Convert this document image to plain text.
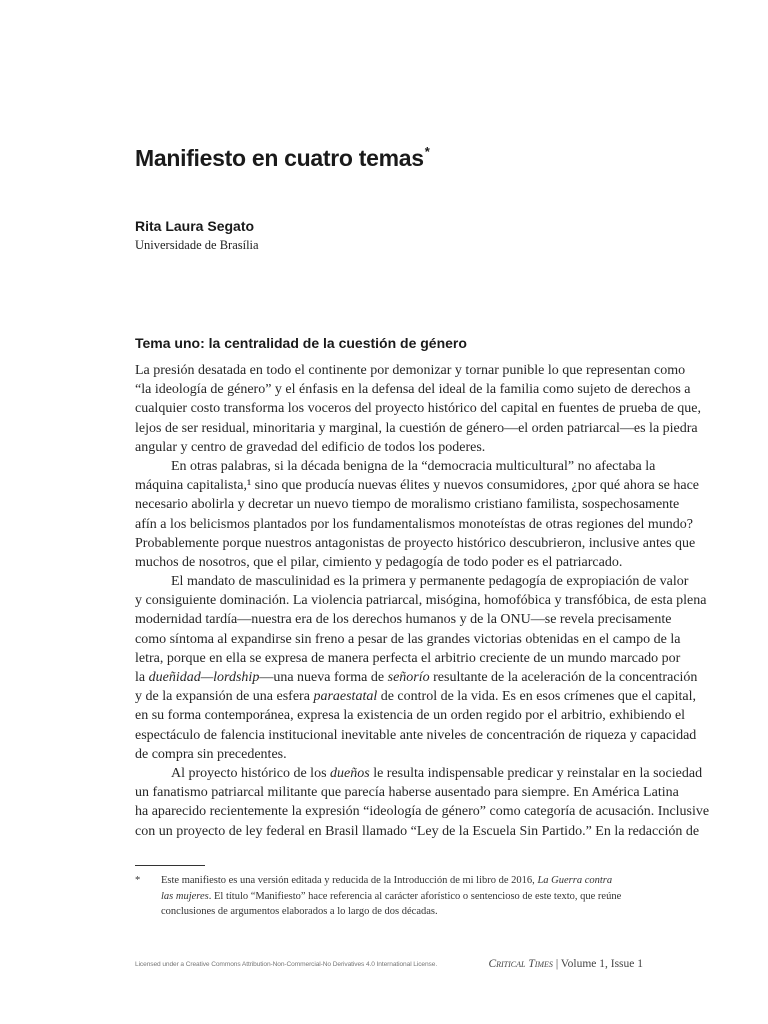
Manifiesto en cuatro temas*
Rita Laura Segato
Universidade de Brasília
Tema uno: la centralidad de la cuestión de género
La presión desatada en todo el continente por demonizar y tornar punible lo que representan como
“la ideología de género” y el énfasis en la defensa del ideal de la familia como sujeto de derechos a
cualquier costo transforma los voceros del proyecto histórico del capital en fuentes de prueba de que,
lejos de ser residual, minoritaria y marginal, la cuestión de género—el orden patriarcal—es la piedra
angular y centro de gravedad del edificio de todos los poderes.
En otras palabras, si la década benigna de la “democracia multicultural” no afectaba la
máquina capitalista,¹ sino que producía nuevas élites y nuevos consumidores, ¿por qué ahora se hace
necesario abolirla y decretar un nuevo tiempo de moralismo cristiano familista, sospechosamente
afín a los belicismos plantados por los fundamentalismos monoteístas de otras regiones del mundo?
Probablemente porque nuestros antagonistas de proyecto histórico descubrieron, inclusive antes que
muchos de nosotros, que el pilar, cimiento y pedagogía de todo poder es el patriarcado.
El mandato de masculinidad es la primera y permanente pedagogía de expropiación de valor
y consiguiente dominación. La violencia patriarcal, misógina, homofóbica y transfóbica, de esta plena
modernidad tardía—nuestra era de los derechos humanos y de la ONU—se revela precisamente
como síntoma al expandirse sin freno a pesar de las grandes victorias obtenidas en el campo de la
letra, porque en ella se expresa de manera perfecta el arbitrio creciente de un mundo marcado por
la dueñidad—lordship—una nueva forma de señorío resultante de la aceleración de la concentración
y de la expansión de una esfera paraestatal de control de la vida. Es en esos crímenes que el capital,
en su forma contemporánea, expresa la existencia de un orden regido por el arbitrio, exhibiendo el
espectáculo de falencia institucional inevitable ante niveles de concentración de riqueza y capacidad
de compra sin precedentes.
Al proyecto histórico de los dueños le resulta indispensable predicar y reinstalar en la sociedad
un fanatismo patriarcal militante que parecía haberse ausentado para siempre. En América Latina
ha aparecido recientemente la expresión “ideología de género” como categoría de acusación. Inclusive
con un proyecto de ley federal en Brasil llamado “Ley de la Escuela Sin Partido.” En la redacción de
* Este manifiesto es una versión editada y reducida de la Introducción de mi libro de 2016, La Guerra contra
las mujeres. El título “Manifiesto” hace referencia al carácter aforístico o sentencioso de este texto, que reúne
conclusiones de argumentos elaborados a lo largo de dos décadas.
Licensed under a Creative Commons Attribution-Non-Commercial-No Derivatives 4.0 International License.	Critical Times | Volume 1, Issue 1
